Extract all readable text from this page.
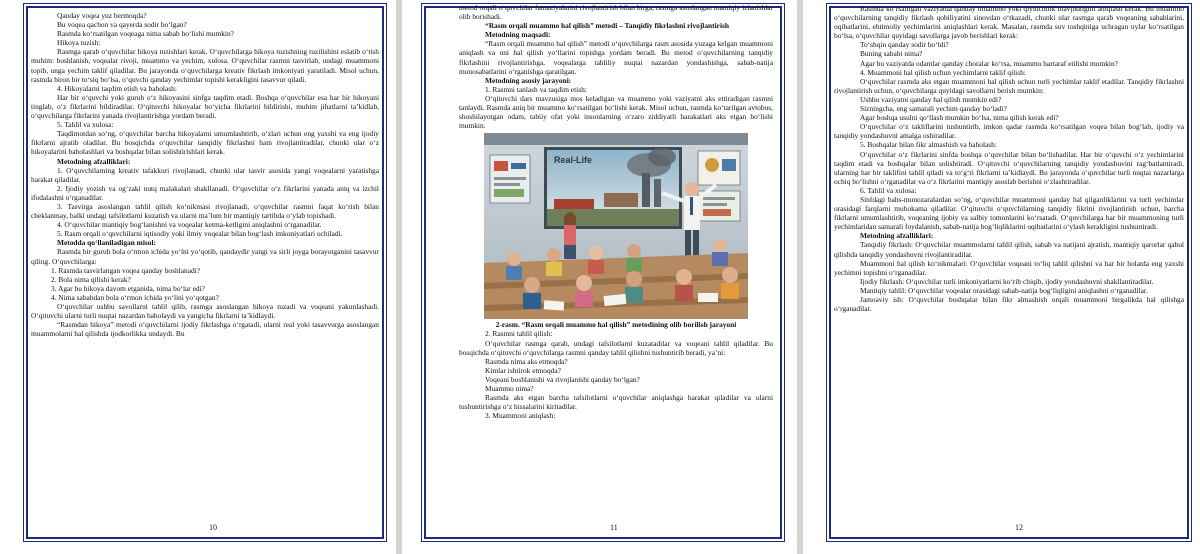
Qanday voqea yuz bermoqda?

Bu voqea qachon va qayerda sodir bo‘lgan?

Rasmda ko‘rsatilgan voqeaga nima sabab bo‘lishi mumkin?

Hikoya tuzish:

Rasmga qarab o‘quvchilar hikoya tuzishlari kerak. O‘quvchilarga hikoya tuzishning tuzilishini eslatib o‘tish muhim: boshlanish, voqealar rivoji, muammo va yechim, xulosa. O‘quvchilar rasmni tasvirlab, undagi muammoni topib, unga yechim taklif qiladilar. Bu jarayonda o‘quvchilarga kreativ fikrlash imkoniyati yaratiladi. Misol uchun, rasmda biron bir to‘siq bo‘lsa, o‘quvchi qanday yechimlar topishi kerakligini tasavvur qiladi.

4. Hikoyalarni taqdim etish va baholash:

Har bir o‘quvchi yoki guruh o‘z hikoyasini sinfga taqdim etadi. Boshqa o‘quvchilar esa har bir hikoyani tinglab, o‘z fikrlarini bildiradilar. O‘qituvchi hikoyalar bo‘yicha fikrlarini bildirishi, muhim jihatlarni ta’kidlab, o‘quvchilarga fikrlarini yanada rivojlantirishga yordam beradi.

5. Tahlil va xulosa:

Taqdimotdan so‘ng, o‘quvchilar barcha hikoyalarni umumlashtirib, o‘zlari uchun eng yaxshi va eng ijodiy fikrlarni ajratib oladilar. Bu bosqichda o‘quvchilar tanqidiy fikrlashni ham rivojlantiradilar, chunki ular o‘z hikoyalarini baholashlari va boshqalar bilan solishtirishlari kerak.

Metodning afzalliklari:

1. O‘quvchilarning kreativ tafakkuri rivojlanadi, chunki ular tasvir asosida yangi voqealarni yaratishga harakat qiladilar.

2. Ijodiy yozish va og‘zaki nutq malakalari shakllanadi. O‘quvchilar o‘z fikrlarini yanada aniq va izchil ifodalashni o‘rganadilar.

3. Tasvirga asoslangan tahlil qilish ko‘nikmasi rivojlanadi, o‘quvchilar rasmni faqat ko‘rish bilan cheklanmay, balki undagi tafsilotlarni kuzatish va ularni ma’lum bir mantiqiy tartibda o‘ylab topishadi.

4. O‘quvchilar mantiqiy bog‘lanishni va voqealar ketma-ketligini aniqlashni o‘rganadilar.

5. Rasm orqali o‘quvchilarni iqtisodiy yoki ilmiy voqealar bilan bog‘lash imkoniyatlari ochiladi.

Metodda qo‘llaniladigan misol:

Rasmda bir guruh bola o‘rmon ichida yo‘lni yo‘qotib, qandaydir yangi va sirli joyga borayotganini tasavvur qiling. O‘quvchilarga:

1. Rasmda tasvirlangan voqea qanday boshlanadi?

2. Bola nima qilishi kerak?

3. Agar bu hikoya davom etganida, nima bo‘lar edi?

4. Nima sababdan bola o‘rmon ichida yo‘lini yo‘qotgan?

O‘quvchilar ushbu savollarni tahlil qilib, rasmga asoslangan hikoya tuzadi va voqeani yakunlashadi. O‘qituvchi ularni turli nuqtai nazardan baholaydi va yangicha fikrlarni ta’kidlaydi.

“Rasmdan hikoya” metodi o‘quvchilarni ijodiy fikrlashga o‘rgatadi, ularni real yoki tasavvurga asoslangan muammolarni hal qilishda ijodkorlikka undaydi. Bu

10

metod orqali o‘quvchilar fantaziyalarini rivojlantirish bilan birga, rasmga asoslangan mantiqiy izlanishlar olib borishadi.

“Rasm orqali muammo hal qilish” metodi – Tanqidiy fikrlashni rivojlantirish

Metodning maqsadi:

“Rasm orqali muammo hal qilish” metodi o‘quvchilarga rasm asosida yuzaga kelgan muammoni aniqlash va uni hal qilish yo‘llarini topishga yordam beradi. Bu metod o‘quvchilarning tanqidiy fikrlashini rivojlantirishga, voqealarga tahliliy nuqtai nazardan yondashishga, sabab-natija munosabatlarini o‘rganishga qaratilgan.

Metodning asosiy jarayoni:

1. Rasmni tanlash va taqdim etish:

O‘qituvchi dars mavzusiga mos keladigan va muammo yoki vaziyatni aks ettiradigan rasmni tanlaydi. Rasmda aniq bir muammo ko‘rsatilgan bo‘lishi kerak. Misol uchun, rasmda ko‘tarilgan avtobus, shoshilayotgan odam, tabiiy ofat yoki insonlarning o‘zaro ziddiyatli harakatlari aks etgan bo‘lishi mumkin.

Real-Life

2-rasm. “Rasm orqali muammo hal qilish” metodining olib borilish jarayoni

2. Rasmni tahlil qilish:

O‘quvchilar rasmga qarab, undagi tafsilotlarni kuzatadilar va voqeani tahlil qiladilar. Bu bosqichda o‘qituvchi o‘quvchilarga rasmni qanday tahlil qilishni tushuntirib beradi, ya’ni:

Rasmda nima aks etmoqda?

Kimlar ishtirok etmoqda?

Voqeani boshlanishi va rivojlanishi qanday bo‘lgan?

Muammo nima?

Rasmda aks etgan barcha tafsilotlarni o‘quvchilar aniqlashga harakat qiladilar va ularni tushuntirishga o‘z hissalarini kiritadilar.

3. Muammoni aniqlash:

11

Rasmda ko‘rsatilgan vaziyatda qanday muammo yoki qiyinchilik mavjudligini aniqlash kerak. Bu muammo o‘quvchilarning tanqidiy fikrlash qobiliyatini sinovdan o‘tkazadi, chunki ular rasmga qarab voqeaning sabablarini, oqibatlarini, ehtimoliy yechimlarini aniqlashlari kerak. Masalan, rasmda suv toshqiniga uchragan uylar ko‘rsatilgan bo‘lsa, o‘quvchilar quyidagi savollarga javob berishlari kerak:

To‘shqin qanday sodir bo‘ldi?

Buning sababi nima?

Agar bu vaziyatda odamlar qanday choralar ko‘rsa, muammo bartaraf etilishi mumkin?

4. Muammoni hal qilish uchun yechimlarni taklif qilish:

O‘quvchilar rasmda aks etgan muammoni hal qilish uchun turli yechimlar taklif etadilar. Tanqidiy fikrlashni rivojlantirish uchun, o‘quvchilarga quyidagi savollarni berish mumkin:

Ushbu vaziyatni qanday hal qilish mumkin edi?

Sizningcha, eng samarali yechim qanday bo‘ladi?

Agar boshqa usulni qo‘llash mumkin bo‘lsa, nima qilish kerak edi?

O‘quvchilar o‘z takliflarini tushuntirib, imkon qadar rasmda ko‘rsatilgan voqea bilan bog‘lab, ijodiy va tanqidiy yondashuvni amalga oshiradilar.

5. Boshqalar bilan fikr almashish va baholash:

O‘quvchilar o‘z fikrlarini sinfda boshqa o‘quvchilar bilan bo‘lishadilar. Har bir o‘quvchi o‘z yechimlarini taqdim etadi va boshqalar bilan solishtiradi. O‘qituvchi o‘quvchilarning tanqidiy yondashuvini rag‘batlantiradi, ularning har bir taklifini tahlil qiladi va to‘g‘ri fikrlarni ta’kidlaydi. Bu jarayonda o‘quvchilar turli nuqtai nazarlarga ochiq bo‘lishni o‘rganadilar va o‘z fikrlarini mantiqiy asoslab berishni o‘zlashtiradilar.

6. Tahlil va xulosa:

Sinfdagi bahs-munozaralardan so‘ng, o‘quvchilar muammoni qanday hal qilganliklarini va turli yechimlar orasidagi farqlarni muhokama qiladilar. O‘qituvchi o‘quvchilarning tanqidiy fikrini rivojlantirish uchun, barcha fikrlarni umumlashtirib, voqeaning ijobiy va salbiy tomonlarini ko‘rsatadi. O‘quvchilarga har bir muammoning turli yechimlaridan samarali foydalanish, sabab-natija bog‘liqliklarini oqibatlarini o‘ylash kerakligini tushuntiradi.

Metodning afzalliklari:

Tanqidiy fikrlash: O‘quvchilar muammolarni tahlil qilish, sabab va natijani ajratish, mantiqiy qarorlar qabul qilishda tanqidiy yondashuvni rivojlantiradilar.

Muammoni hal qilish ko‘nikmalari: O‘quvchilar voqeani to‘liq tahlil qilishni va har bir holatda eng yaxshi yechimni topishni o‘rganadilar.

Ijodiy fikrlash: O‘quvchilar turli imkoniyatlarni ko‘rib chiqib, ijodiy yondashuvni shakllantiradilar.

Mantiqiy tahlil: O‘quvchilar voqealar orasidagi sabab-natija bog‘liqligini aniqlashni o‘rganadilar.

Jamoaviy ish: O‘quvchilar boshqalar bilan fikr almashish orqali muammoni birgalikda hal qilishga o‘rganadilar.

12
